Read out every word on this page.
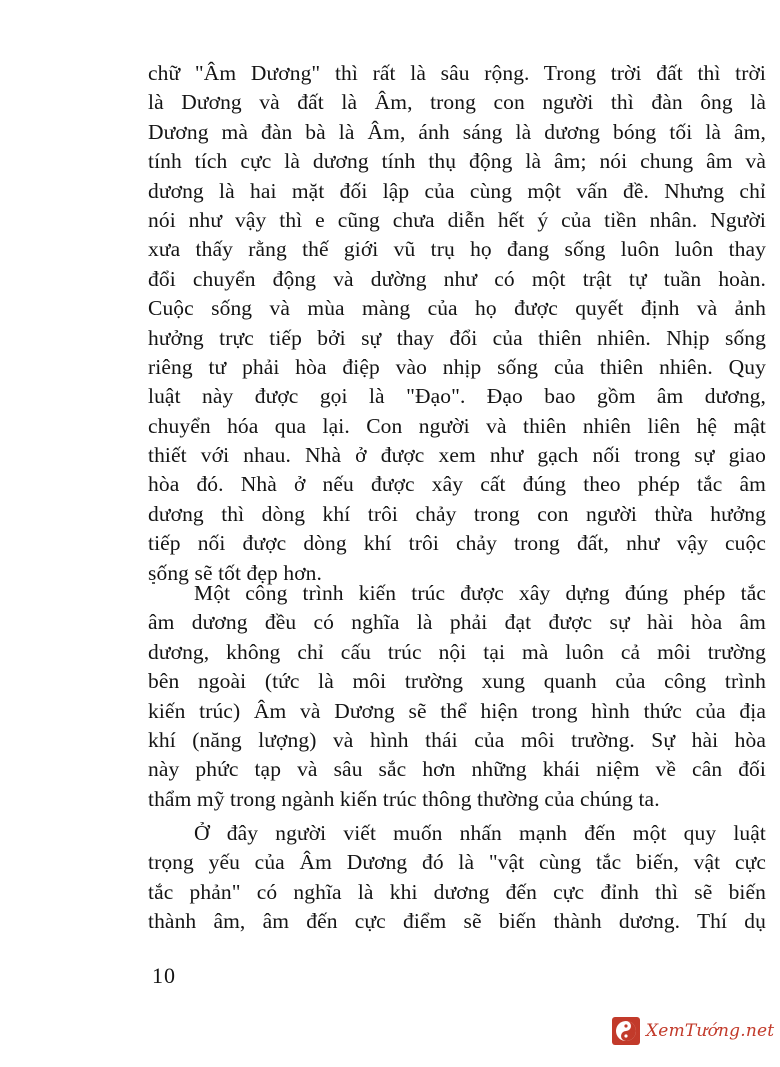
chữ "Âm Dương" thì rất là sâu rộng. Trong trời đất thì trời
là Dương và đất là Âm, trong con người thì đàn ông là
Dương mà đàn bà là Âm, ánh sáng là dương bóng tối là âm,
tính tích cực là dương tính thụ động là âm; nói chung âm và
dương là hai mặt đối lập của cùng một vấn đề. Nhưng chỉ
nói như vậy thì e cũng chưa diễn hết ý của tiền nhân. Người
xưa thấy rằng thế giới vũ trụ họ đang sống luôn luôn thay
đổi chuyển động và dường như có một trật tự tuần hoàn.
Cuộc sống và mùa màng của họ được quyết định và ảnh
hưởng trực tiếp bởi sự thay đổi của thiên nhiên. Nhịp sống
riêng tư phải hòa điệp vào nhịp sống của thiên nhiên. Quy
luật này được gọi là "Đạo". Đạo bao gồm âm dương,
chuyển hóa qua lại. Con người và thiên nhiên liên hệ mật
thiết với nhau. Nhà ở được xem như gạch nối trong sự giao
hòa đó. Nhà ở nếu được xây cất đúng theo phép tắc âm
dương thì dòng khí trôi chảy trong con người thừa hưởng
tiếp nối được dòng khí trôi chảy trong đất, như vậy cuộc
sống sẽ tốt đẹp hơn.
Một công trình kiến trúc được xây dựng đúng phép tắc
âm dương đều có nghĩa là phải đạt được sự hài hòa âm
dương, không chỉ cấu trúc nội tại mà luôn cả môi trường
bên ngoài (tức là môi trường xung quanh của công trình
kiến trúc) Âm và Dương sẽ thể hiện trong hình thức của địa
khí (năng lượng) và hình thái của môi trường. Sự hài hòa
này phức tạp và sâu sắc hơn những khái niệm về cân đối
thẩm mỹ trong ngành kiến trúc thông thường của chúng ta.
Ở đây người viết muốn nhấn mạnh đến một quy luật
trọng yếu của Âm Dương đó là "vật cùng tắc biến, vật cực
tắc phản" có nghĩa là khi dương đến cực đỉnh thì sẽ biến
thành âm, âm đến cực điểm sẽ biến thành dương. Thí dụ
10
XemTướng.net
